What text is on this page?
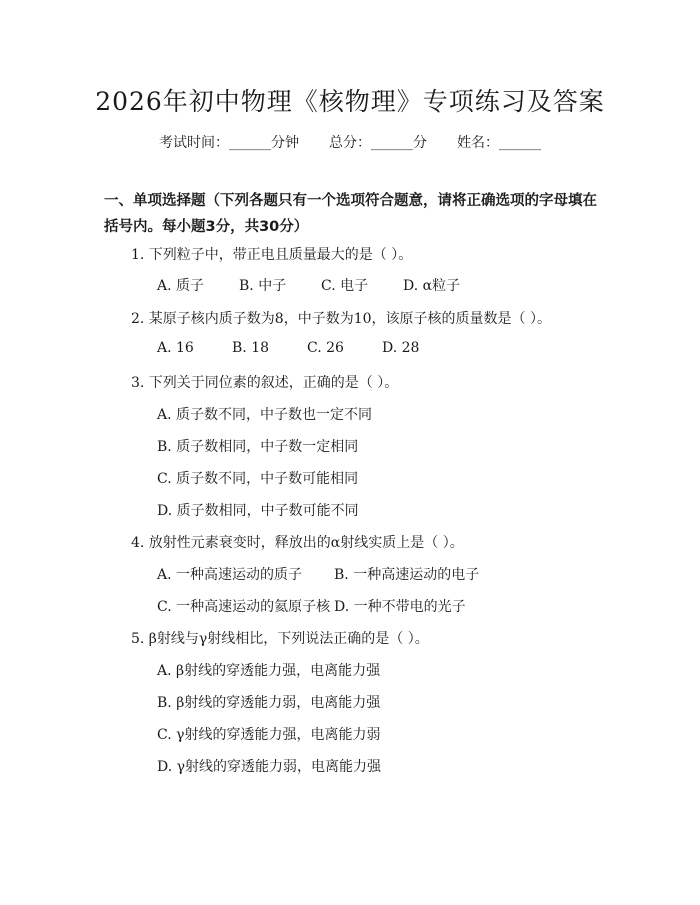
2026年初中物理《核物理》专项练习及答案
考试时间：______分钟 总分：______分 姓名：______
一、单项选择题（下列各题只有一个选项符合题意，请将正确选项的字母填在括号内。每小题3分，共30分）
1. 下列粒子中，带正电且质量最大的是（ ）。
A. 质子	B. 中子	C. 电子	D. α粒子
2. 某原子核内质子数为8，中子数为10，该原子核的质量数是（ ）。
A. 16	B. 18	C. 26	D. 28
3. 下列关于同位素的叙述，正确的是（ ）。
A. 质子数不同，中子数也一定不同
B. 质子数相同，中子数一定相同
C. 质子数不同，中子数可能相同
D. 质子数相同，中子数可能不同
4. 放射性元素衰变时，释放出的α射线实质上是（ ）。
A. 一种高速运动的质子	B. 一种高速运动的电子
C. 一种高速运动的氦原子核 D. 一种不带电的光子
5. β射线与γ射线相比，下列说法正确的是（ ）。
A. β射线的穿透能力强，电离能力强
B. β射线的穿透能力弱，电离能力强
C. γ射线的穿透能力强，电离能力弱
D. γ射线的穿透能力弱，电离能力强
